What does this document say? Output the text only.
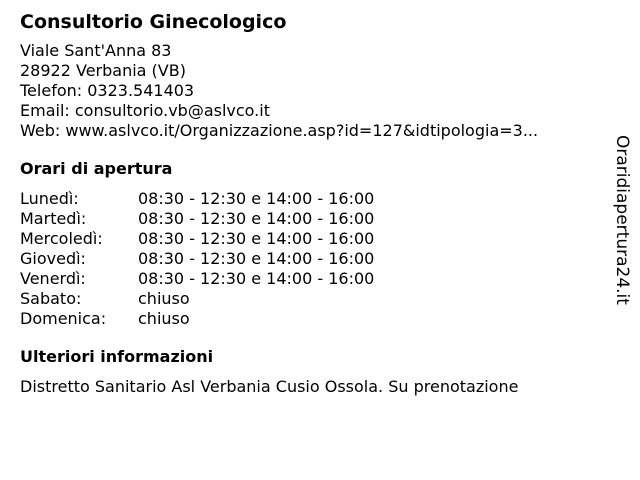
Consultorio Ginecologico
Viale Sant'Anna 83
28922 Verbania (VB)
Telefon: 0323.541403
Email: consultorio.vb@aslvco.it
Web: www.aslvco.it/Organizzazione.asp?id=127&idtipologia=3...
Orari di apertura
Lunedì:	08:30 - 12:30 e 14:00 - 16:00
Martedì:	08:30 - 12:30 e 14:00 - 16:00
Mercoledì:	08:30 - 12:30 e 14:00 - 16:00
Giovedì:	08:30 - 12:30 e 14:00 - 16:00
Venerdì:	08:30 - 12:30 e 14:00 - 16:00
Sabato:	chiuso
Domenica:	chiuso
Ulteriori informazioni
Distretto Sanitario Asl Verbania Cusio Ossola. Su prenotazione
Oraridiapertura24.it
